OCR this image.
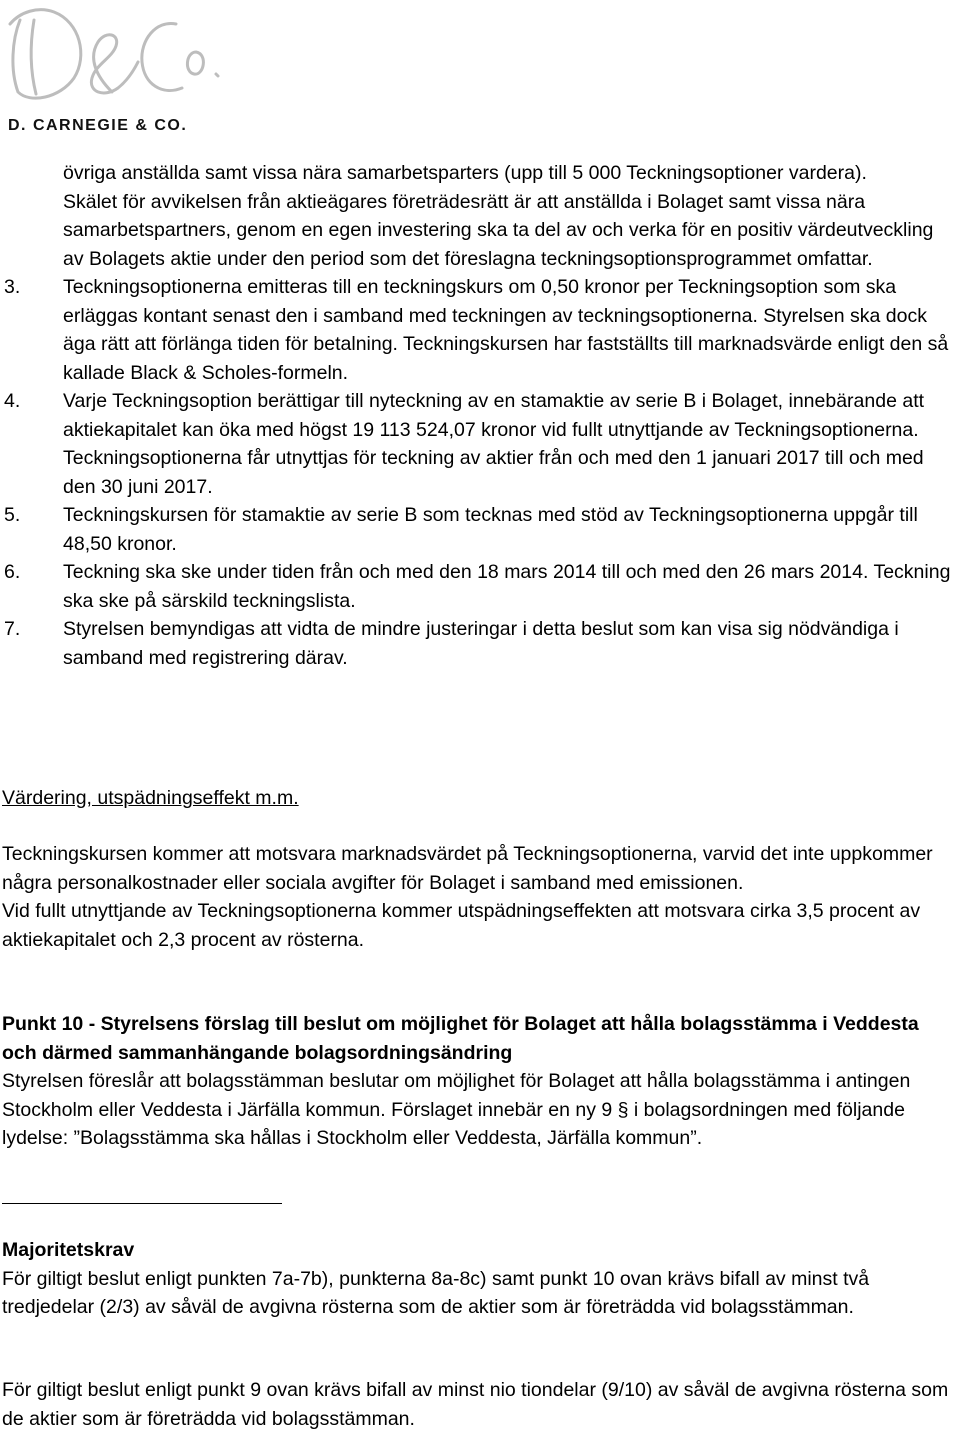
D&Co.
D. CARNEGIE & CO.

övriga anställda samt vissa nära samarbetsparters (upp till 5 000 Teckningsoptioner vardera).

Skälet för avvikelsen från aktieägares företrädesrätt är att anställda i Bolaget samt vissa nära samarbetspartners, genom en egen investering ska ta del av och verka för en positiv värdeutveckling av Bolagets aktie under den period som det föreslagna teckningsoptionsprogrammet omfattar.

3. Teckningsoptionerna emitteras till en teckningskurs om 0,50 kronor per Teckningsoption som ska erläggas kontant senast den i samband med teckningen av teckningsoptionerna. Styrelsen ska dock äga rätt att förlänga tiden för betalning. Teckningskursen har fastställts till marknadsvärde enligt den så kallade Black & Scholes-formeln.
4. Varje Teckningsoption berättigar till nyteckning av en stamaktie av serie B i Bolaget, innebärande att aktiekapitalet kan öka med högst 19 113 524,07 kronor vid fullt utnyttjande av Teckningsoptionerna. Teckningsoptionerna får utnyttjas för teckning av aktier från och med den 1 januari 2017 till och med den 30 juni 2017.
5. Teckningskursen för stamaktie av serie B som tecknas med stöd av Teckningsoptionerna uppgår till 48,50 kronor.
6. Teckning ska ske under tiden från och med den 18 mars 2014 till och med den 26 mars 2014. Teckning ska ske på särskild teckningslista.
7. Styrelsen bemyndigas att vidta de mindre justeringar i detta beslut som kan visa sig nödvändiga i samband med registrering därav.

Värdering, utspädningseffekt m.m.

Teckningskursen kommer att motsvara marknadsvärdet på Teckningsoptionerna, varvid det inte uppkommer några personalkostnader eller sociala avgifter för Bolaget i samband med emissionen.

Vid fullt utnyttjande av Teckningsoptionerna kommer utspädningseffekten att motsvara cirka 3,5 procent av aktiekapitalet och 2,3 procent av rösterna.

Punkt 10 - Styrelsens förslag till beslut om möjlighet för Bolaget att hålla bolagsstämma i Veddesta och därmed sammanhängande bolagsordningsändring

Styrelsen föreslår att bolagsstämman beslutar om möjlighet för Bolaget att hålla bolagsstämma i antingen Stockholm eller Veddesta i Järfälla kommun. Förslaget innebär en ny 9 § i bolagsordningen med följande lydelse: ”Bolagsstämma ska hållas i Stockholm eller Veddesta, Järfälla kommun”.

Majoritetskrav

För giltigt beslut enligt punkten 7a-7b), punkterna 8a-8c) samt punkt 10 ovan krävs bifall av minst två tredjedelar (2/3) av såväl de avgivna rösterna som de aktier som är företrädda vid bolagsstämman.

För giltigt beslut enligt punkt 9 ovan krävs bifall av minst nio tiondelar (9/10) av såväl de avgivna rösterna som de aktier som är företrädda vid bolagsstämman.
